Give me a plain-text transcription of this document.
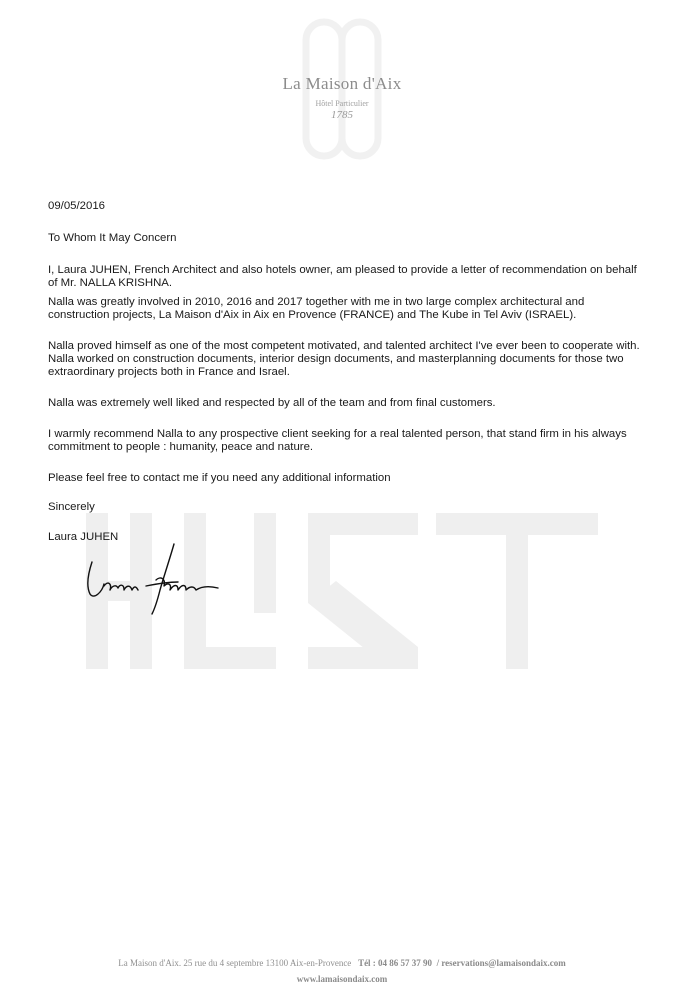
La Maison d'Aix
Hôtel Particulier
1785

09/05/2016

To Whom It May Concern

I, Laura JUHEN, French Architect and also hotels owner, am pleased to provide a letter of recommendation on behalf of Mr. NALLA KRISHNA.

Nalla was greatly involved in 2010, 2016 and 2017 together with me in two large complex architectural and construction projects, La Maison d'Aix in Aix en Provence (FRANCE) and The Kube in Tel Aviv (ISRAEL).

Nalla proved himself as one of the most competent motivated, and talented architect I've ever been to cooperate with. Nalla worked on construction documents, interior design documents, and masterplanning documents for those two extraordinary projects both in France and Israel.

Nalla was extremely well liked and respected by all of the team and from final customers.

I warmly recommend Nalla to any prospective client seeking for a real talented person, that stand firm in his always commitment to people : humanity, peace and nature.

Please feel free to contact me if you need any additional information

Sincerely

Laura JUHEN

La Maison d'Aix. 25 rue du 4 septembre 13100 Aix-en-Provence Tél : 04 86 57 37 90 / reservations@lamaisondaix.com
www.lamaisondaix.com
